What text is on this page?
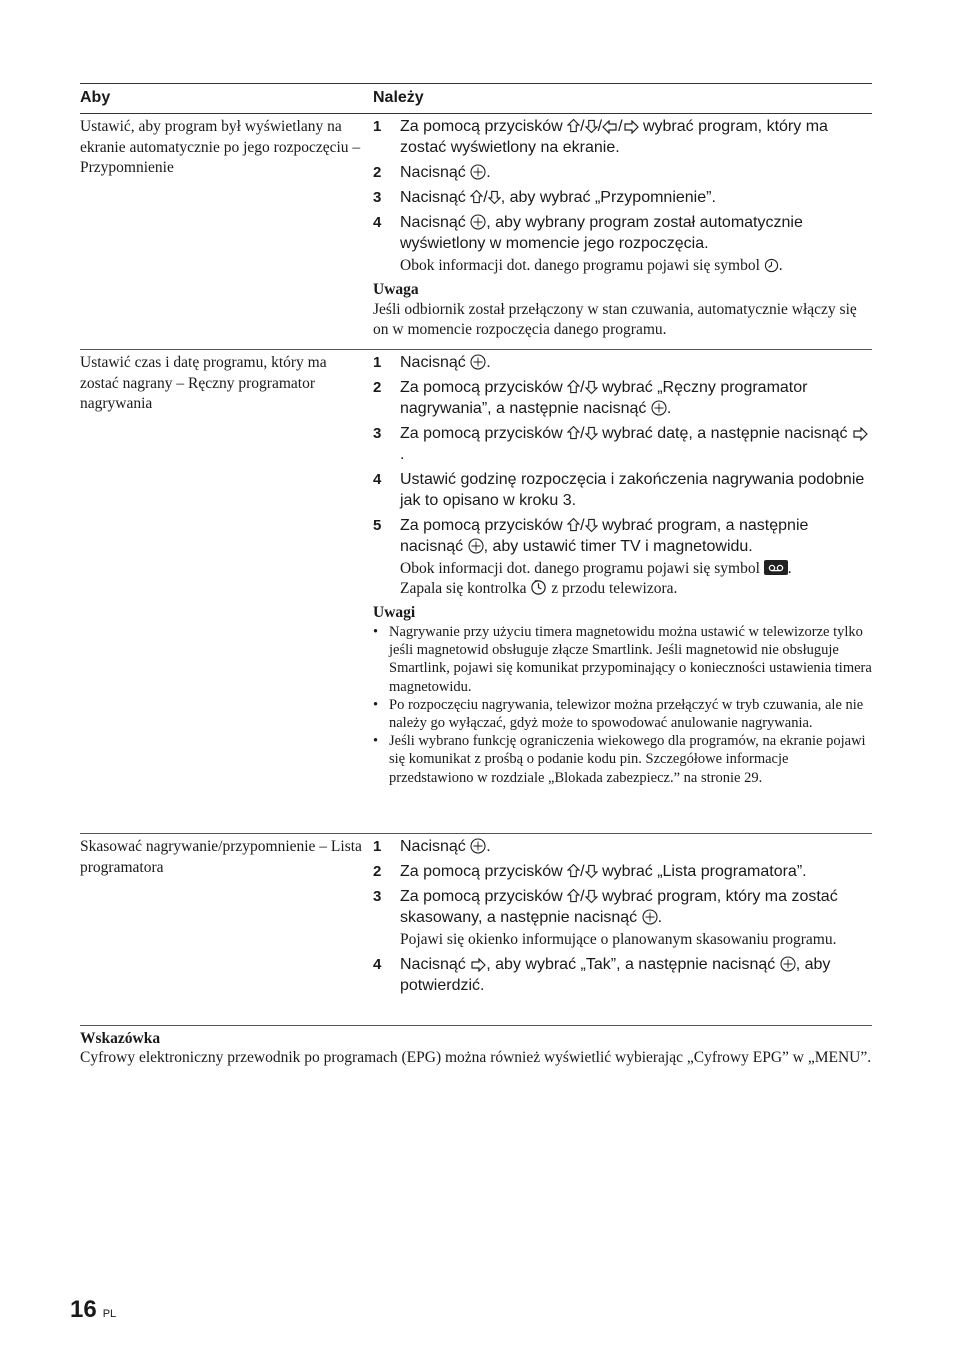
Aby	Należy
Ustawić, aby program był wyświetlany na ekranie automatycznie po jego rozpoczęciu – Przypomnienie
1	Za pomocą przycisków / / / wybrać program, który ma zostać wyświetlony na ekranie.
2	Nacisnąć .
3	Nacisnąć / , aby wybrać „Przypomnienie”.
4	Nacisnąć , aby wybrany program został automatycznie wyświetlony w momencie jego rozpoczęcia.
Obok informacji dot. danego programu pojawi się symbol .
Uwaga
Jeśli odbiornik został przełączony w stan czuwania, automatycznie włączy się on w momencie rozpoczęcia danego programu.
Ustawić czas i datę programu, który ma zostać nagrany – Ręczny programator nagrywania
1	Nacisnąć .
2	Za pomocą przycisków / wybrać „Ręczny programator nagrywania”, a następnie nacisnąć .
3	Za pomocą przycisków / wybrać datę, a następnie nacisnąć .
4	Ustawić godzinę rozpoczęcia i zakończenia nagrywania podobnie jak to opisano w kroku 3.
5	Za pomocą przycisków / wybrać program, a następnie nacisnąć , aby ustawić timer TV i magnetowidu.
Obok informacji dot. danego programu pojawi się symbol
.
Zapala się kontrolka  z przodu telewizora.
Uwagi
• Nagrywanie przy użyciu timera magnetowidu można ustawić w telewizorze tylko jeśli magnetowid obsługuje złącze Smartlink. Jeśli magnetowid nie obsługuje Smartlink, pojawi się komunikat przypominający o konieczności ustawienia timera magnetowidu.
• Po rozpoczęciu nagrywania, telewizor można przełączyć w tryb czuwania, ale nie należy go wyłączać, gdyż może to spowodować anulowanie nagrywania.
• Jeśli wybrano funkcję ograniczenia wiekowego dla programów, na ekranie pojawi się komunikat z prośbą o podanie kodu pin. Szczegółowe informacje przedstawiono w rozdziale „Blokada zabezpiecz.” na stronie 29.
Skasować nagrywanie/przypomnienie – Lista programatora
1	Nacisnąć .
2	Za pomocą przycisków / wybrać „Lista programatora”.
3	Za pomocą przycisków / wybrać program, który ma zostać skasowany, a następnie nacisnąć .
Pojawi się okienko informujące o planowanym skasowaniu programu.
4	Nacisnąć , aby wybrać „Tak”, a następnie nacisnąć , aby potwierdzić.
Wskazówka
Cyfrowy elektroniczny przewodnik po programach (EPG) można również wyświetlić wybierając „Cyfrowy EPG” w „MENU”.
16 PL
